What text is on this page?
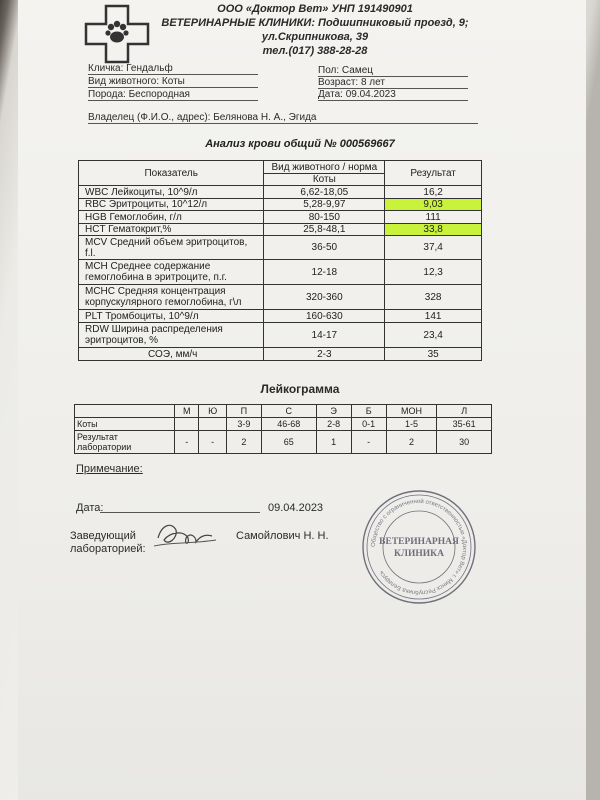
ООО «Доктор Вет» УНП 191490901
ВЕТЕРИНАРНЫЕ КЛИНИКИ: Подшипниковый проезд, 9;
ул.Скрипникова, 39
тел.(017) 388-28-28
Кличка: Гендальф
Вид животного: Коты
Порода: Беспородная
Пол: Самец
Возраст: 8 лет
Дата: 09.04.2023
Владелец (Ф.И.О., адрес): Белянова Н. А., Эгида
Анализ крови общий № 000569667
Показатель	Вид животного / норма	Результат
	Коты	
WBC Лейкоциты, 10^9/л	6,62-18,05	16,2
RBC Эритроциты, 10^12/л	5,28-9,97	9,03
HGB Гемоглобин, г/л	80-150	111
HCT Гематокрит,%	25,8-48,1	33,8
MCV Средний объем эритроцитов, f.l.	36-50	37,4
MCH Среднее содержание гемоглобина в эритроците, п.г.	12-18	12,3
MCHC Средняя концентрация корпускулярного гемоглобина, г\л	320-360	328
PLT Тромбоциты, 10^9/л	160-630	141
RDW Ширина распределения эритроцитов, %	14-17	23,4
СОЭ, мм/ч	2-3	35
Лейкограмма
	М	Ю	П	С	Э	Б	МОН	Л
Коты			3-9	46-68	2-8	0-1	1-5	35-61
Результат лаборатории	-	-	2	65	1	-	2	30
Примечание:
Дата:	09.04.2023
Заведующий
лабораторией:
Самойлович Н. Н.
Общество с ограниченной ответственностью «Доктор Вет» г. Минск Республика Беларусь
ВЕТЕРИНАРНАЯ
КЛИНИКА
